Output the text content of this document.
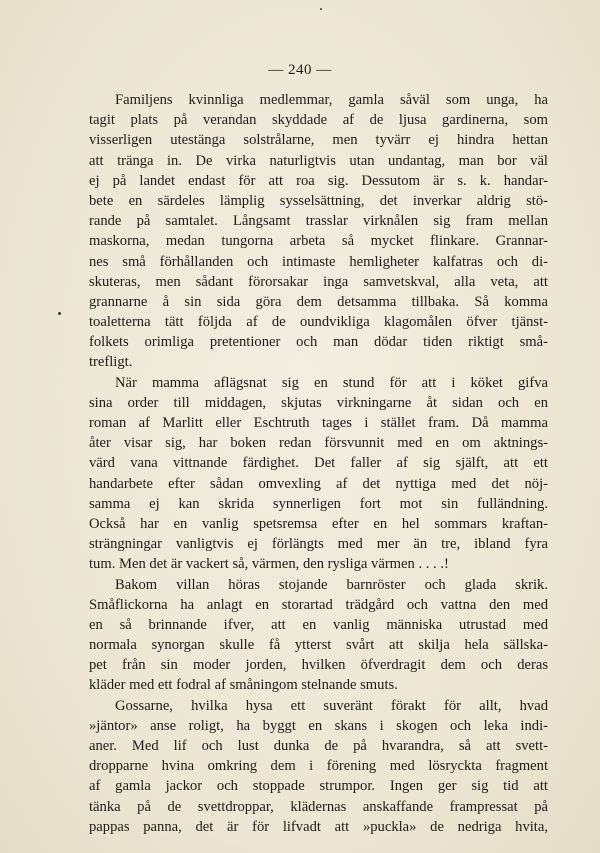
— 240 —
Familjens kvinnliga medlemmar, gamla såväl som unga, ha
tagit plats på verandan skyddade af de ljusa gardinerna, som
visserligen utestänga solstrålarne, men tyvärr ej hindra hettan
att tränga in. De virka naturligtvis utan undantag, man bor väl
ej på landet endast för att roa sig. Dessutom är s. k. handar-
bete en särdeles lämplig sysselsättning, det inverkar aldrig stö-
rande på samtalet. Långsamt trasslar virknålen sig fram mellan
maskorna, medan tungorna arbeta så mycket flinkare. Grannar-
nes små förhållanden och intimaste hemligheter kalfatras och di-
skuteras, men sådant förorsakar inga samvetskval, alla veta, att
grannarne å sin sida göra dem detsamma tillbaka. Så komma
toaletterna tätt följda af de oundvikliga klagomålen öfver tjänst-
folkets orimliga pretentioner och man dödar tiden riktigt små-
trefligt.
När mamma aflägsnat sig en stund för att i köket gifva
sina order till middagen, skjutas virkningarne åt sidan och en
roman af Marlitt eller Eschtruth tages i stället fram. Då mamma
åter visar sig, har boken redan försvunnit med en om aktnings-
värd vana vittnande färdighet. Det faller af sig själft, att ett
handarbete efter sådan omvexling af det nyttiga med det nöj-
samma ej kan skrida synnerligen fort mot sin fulländning.
Också har en vanlig spetsremsa efter en hel sommars kraftan-
strängningar vanligtvis ej förlängts med mer än tre, ibland fyra
tum. Men det är vackert så, värmen, den rysliga värmen . . . .!
Bakom villan höras stojande barnröster och glada skrik.
Småflickorna ha anlagt en storartad trädgård och vattna den med
en så brinnande ifver, att en vanlig människa utrustad med
normala synorgan skulle få ytterst svårt att skilja hela sällska-
pet från sin moder jorden, hvilken öfverdragit dem och deras
kläder med ett fodral af småningom stelnande smuts.
Gossarne, hvilka hysa ett suveränt förakt för allt, hvad
»jäntor» anse roligt, ha byggt en skans i skogen och leka indi-
aner. Med lif och lust dunka de på hvarandra, så att svett-
dropparne hvina omkring dem i förening med lösryckta fragment
af gamla jackor och stoppade strumpor. Ingen ger sig tid att
tänka på de svettdroppar, klädernas anskaffande frampressat på
pappas panna, det är för lifvadt att »puckla» de nedriga hvita,
